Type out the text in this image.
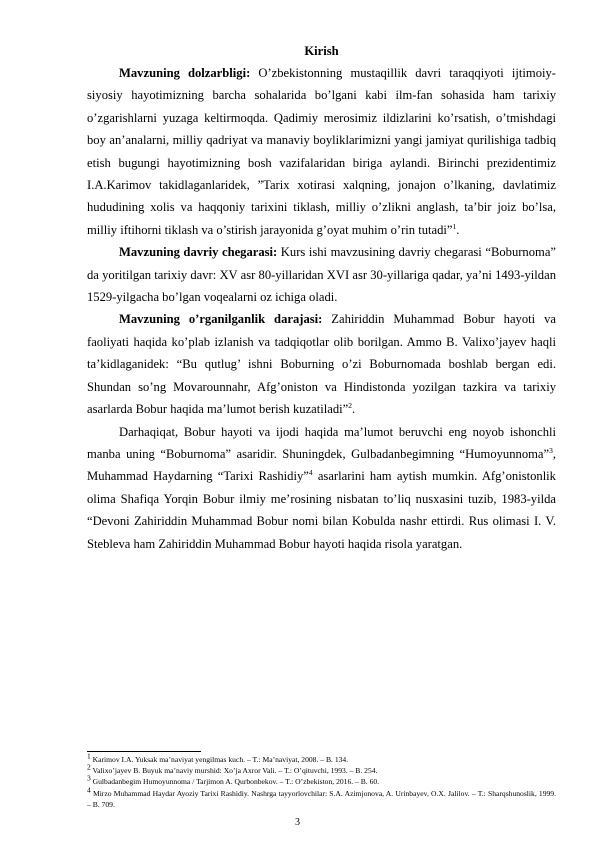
Kirish

Mavzuning dolzarbligi: O’zbekistonning mustaqillik davri taraqqiyoti ijtimoiy-siyosiy hayotimizning barcha sohalarida bo’lgani kabi ilm-fan sohasida ham tarixiy o’zgarishlarni yuzaga keltirmoqda. Qadimiy merosimiz ildizlarini ko’rsatish, o’tmishdagi boy an’analarni, milliy qadriyat va manaviy boyliklarimizni yangi jamiyat qurilishiga tadbiq etish bugungi hayotimizning bosh vazifalaridan biriga aylandi. Birinchi prezidentimiz I.A.Karimov takidlaganlaridek, ”Tarix xotirasi xalqning, jonajon o’lkaning, davlatimiz hududining xolis va haqqoniy tarixini tiklash, milliy o’zlikni anglash, ta’bir joiz bo’lsa, milliy iftihorni tiklash va o’stirish jarayonida g’oyat muhim o’rin tutadi”$^1$.

Mavzuning davriy chegarasi: Kurs ishi mavzusining davriy chegarasi “Boburnoma” da yoritilgan tarixiy davr: XV asr 80-yillaridan XVI asr 30-yillariga qadar, ya’ni 1493-yildan 1529-yilgacha bo’lgan voqealarni oz ichiga oladi.

Mavzuning o’rganilganlik darajasi: Zahiriddin Muhammad Bobur hayoti va faoliyati haqida ko’plab izlanish va tadqiqotlar olib borilgan. Ammo B. Valixo’jayev haqli ta’kidlaganidek: “Bu qutlug’ ishni Boburning o’zi Boburnomada boshlab bergan edi. Shundan so’ng Movarounnahr, Afg’oniston va Hindistonda yozilgan tazkira va tarixiy asarlarda Bobur haqida ma’lumot berish kuzatiladi”$^2$.

Darhaqiqat, Bobur hayoti va ijodi haqida ma’lumot beruvchi eng noyob ishonchli manba uning “Boburnoma” asaridir. Shuningdek, Gulbadanbegimning “Humoyunnoma”$^3$, Muhammad Haydarning “Tarixi Rashidiy”$^4$ asarlarini ham aytish mumkin. Afg’onistonlik olima Shafiqa Yorqin Bobur ilmiy me’rosining nisbatan to’liq nusxasini tuzib, 1983-yilda “Devoni Zahiriddin Muhammad Bobur nomi bilan Kobulda nashr ettirdi. Rus olimasi I. V. Stebleva ham Zahiriddin Muhammad Bobur hayoti haqida risola yaratgan.

$^1$ Karimov I.A. Yuksak ma’naviyat yengilmas kuch. – T.: Ma’naviyat, 2008. – B. 134.

$^2$ Valixo’jayev B. Buyuk ma’naviy murshid: Xo’ja Axror Vali. – T.: O’qituvchi, 1993. – B. 254.

$^3$ Gulbadanbegim Humoyunnoma / Tarjimon A. Qurbonbekov. – T.: O’zbekiston, 2016. – B. 60.

$^4$ Mirzo Muhammad Haydar Ayoziy Tarixi Rashidiy. Nashrga tayyorlovchilar: S.A. Azimjonova, A. Urinbayev, O.X. Jalilov. – T.: Sharqshunoslik, 1999. – B. 709.

3
